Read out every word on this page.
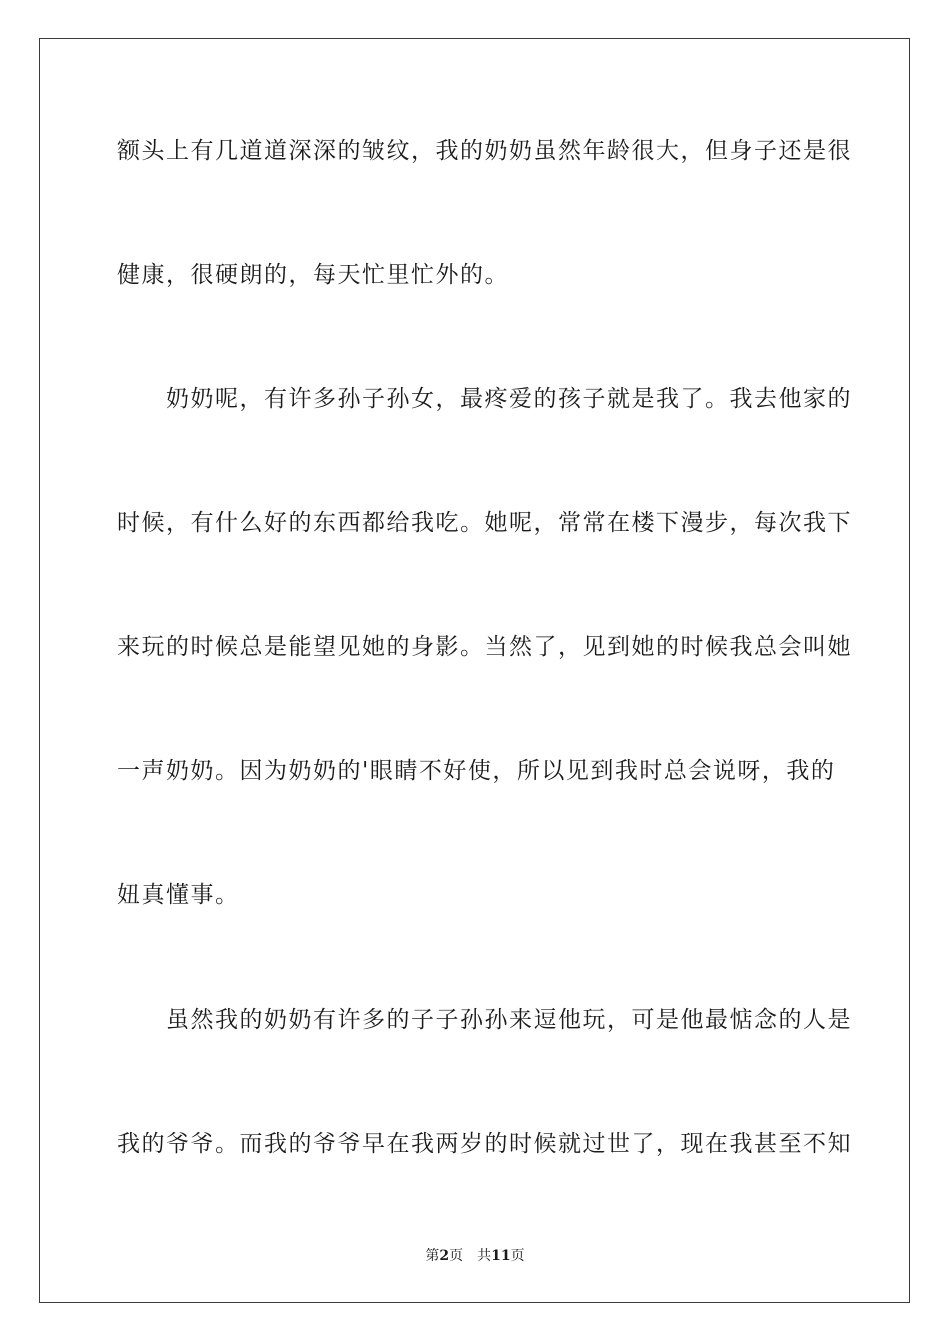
额头上有几道道深深的皱纹，我的奶奶虽然年龄很大，但身子还是很
健康，很硬朗的，每天忙里忙外的。
　　奶奶呢，有许多孙子孙女，最疼爱的孩子就是我了。我去他家的
时候，有什么好的东西都给我吃。她呢，常常在楼下漫步，每次我下
来玩的时候总是能望见她的身影。当然了，见到她的时候我总会叫她
一声奶奶。因为奶奶的'眼睛不好使，所以见到我时总会说呀，我的
妞真懂事。
　　虽然我的奶奶有许多的子子孙孙来逗他玩，可是他最惦念的人是
我的爷爷。而我的爷爷早在我两岁的时候就过世了，现在我甚至不知
第2页 共11页
